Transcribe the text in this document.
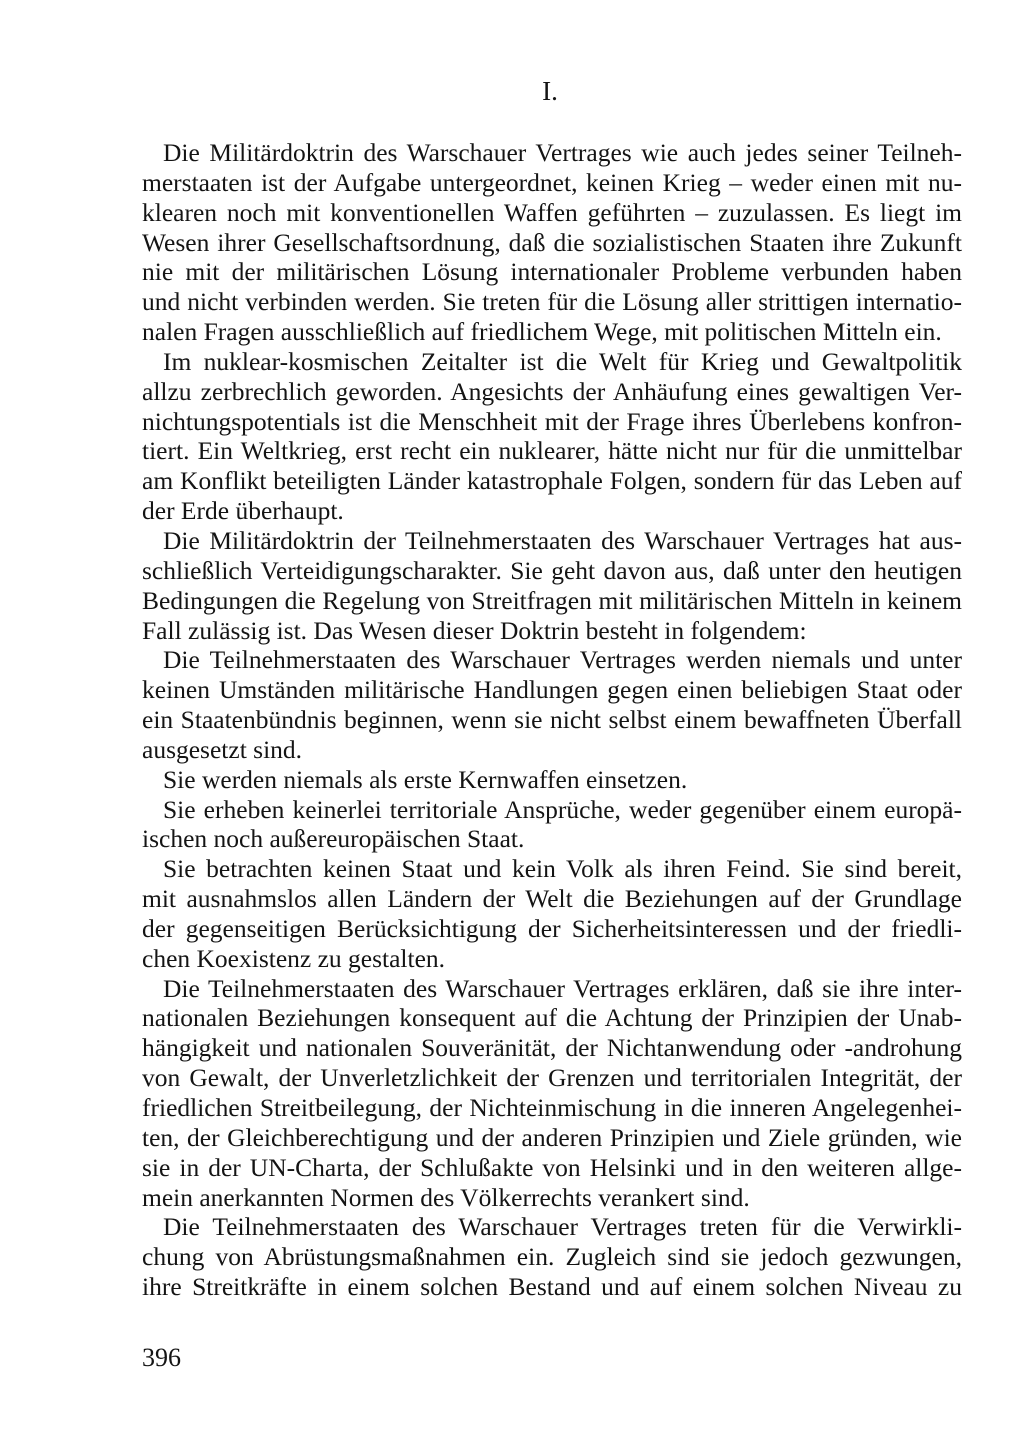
I.

Die Militärdoktrin des Warschauer Vertrages wie auch jedes seiner Teilneh-
merstaaten ist der Aufgabe untergeordnet, keinen Krieg – weder einen mit nu-
klearen noch mit konventionellen Waffen geführten – zuzulassen. Es liegt im
Wesen ihrer Gesellschaftsordnung, daß die sozialistischen Staaten ihre Zukunft
nie mit der militärischen Lösung internationaler Probleme verbunden haben
und nicht verbinden werden. Sie treten für die Lösung aller strittigen internatio-
nalen Fragen ausschließlich auf friedlichem Wege, mit politischen Mitteln ein.

Im nuklear-kosmischen Zeitalter ist die Welt für Krieg und Gewaltpolitik
allzu zerbrechlich geworden. Angesichts der Anhäufung eines gewaltigen Ver-
nichtungspotentials ist die Menschheit mit der Frage ihres Überlebens konfron-
tiert. Ein Weltkrieg, erst recht ein nuklearer, hätte nicht nur für die unmittelbar
am Konflikt beteiligten Länder katastrophale Folgen, sondern für das Leben auf
der Erde überhaupt.

Die Militärdoktrin der Teilnehmerstaaten des Warschauer Vertrages hat aus-
schließlich Verteidigungscharakter. Sie geht davon aus, daß unter den heutigen
Bedingungen die Regelung von Streitfragen mit militärischen Mitteln in keinem
Fall zulässig ist. Das Wesen dieser Doktrin besteht in folgendem:

Die Teilnehmerstaaten des Warschauer Vertrages werden niemals und unter
keinen Umständen militärische Handlungen gegen einen beliebigen Staat oder
ein Staatenbündnis beginnen, wenn sie nicht selbst einem bewaffneten Überfall
ausgesetzt sind.

Sie werden niemals als erste Kernwaffen einsetzen.

Sie erheben keinerlei territoriale Ansprüche, weder gegenüber einem europä-
ischen noch außereuropäischen Staat.

Sie betrachten keinen Staat und kein Volk als ihren Feind. Sie sind bereit,
mit ausnahmslos allen Ländern der Welt die Beziehungen auf der Grundlage
der gegenseitigen Berücksichtigung der Sicherheitsinteressen und der friedli-
chen Koexistenz zu gestalten.

Die Teilnehmerstaaten des Warschauer Vertrages erklären, daß sie ihre inter-
nationalen Beziehungen konsequent auf die Achtung der Prinzipien der Unab-
hängigkeit und nationalen Souveränität, der Nichtanwendung oder -androhung
von Gewalt, der Unverletzlichkeit der Grenzen und territorialen Integrität, der
friedlichen Streitbeilegung, der Nichteinmischung in die inneren Angelegenhei-
ten, der Gleichberechtigung und der anderen Prinzipien und Ziele gründen, wie
sie in der UN-Charta, der Schlußakte von Helsinki und in den weiteren allge-
mein anerkannten Normen des Völkerrechts verankert sind.

Die Teilnehmerstaaten des Warschauer Vertrages treten für die Verwirkli-
chung von Abrüstungsmaßnahmen ein. Zugleich sind sie jedoch gezwungen,
ihre Streitkräfte in einem solchen Bestand und auf einem solchen Niveau zu

396
